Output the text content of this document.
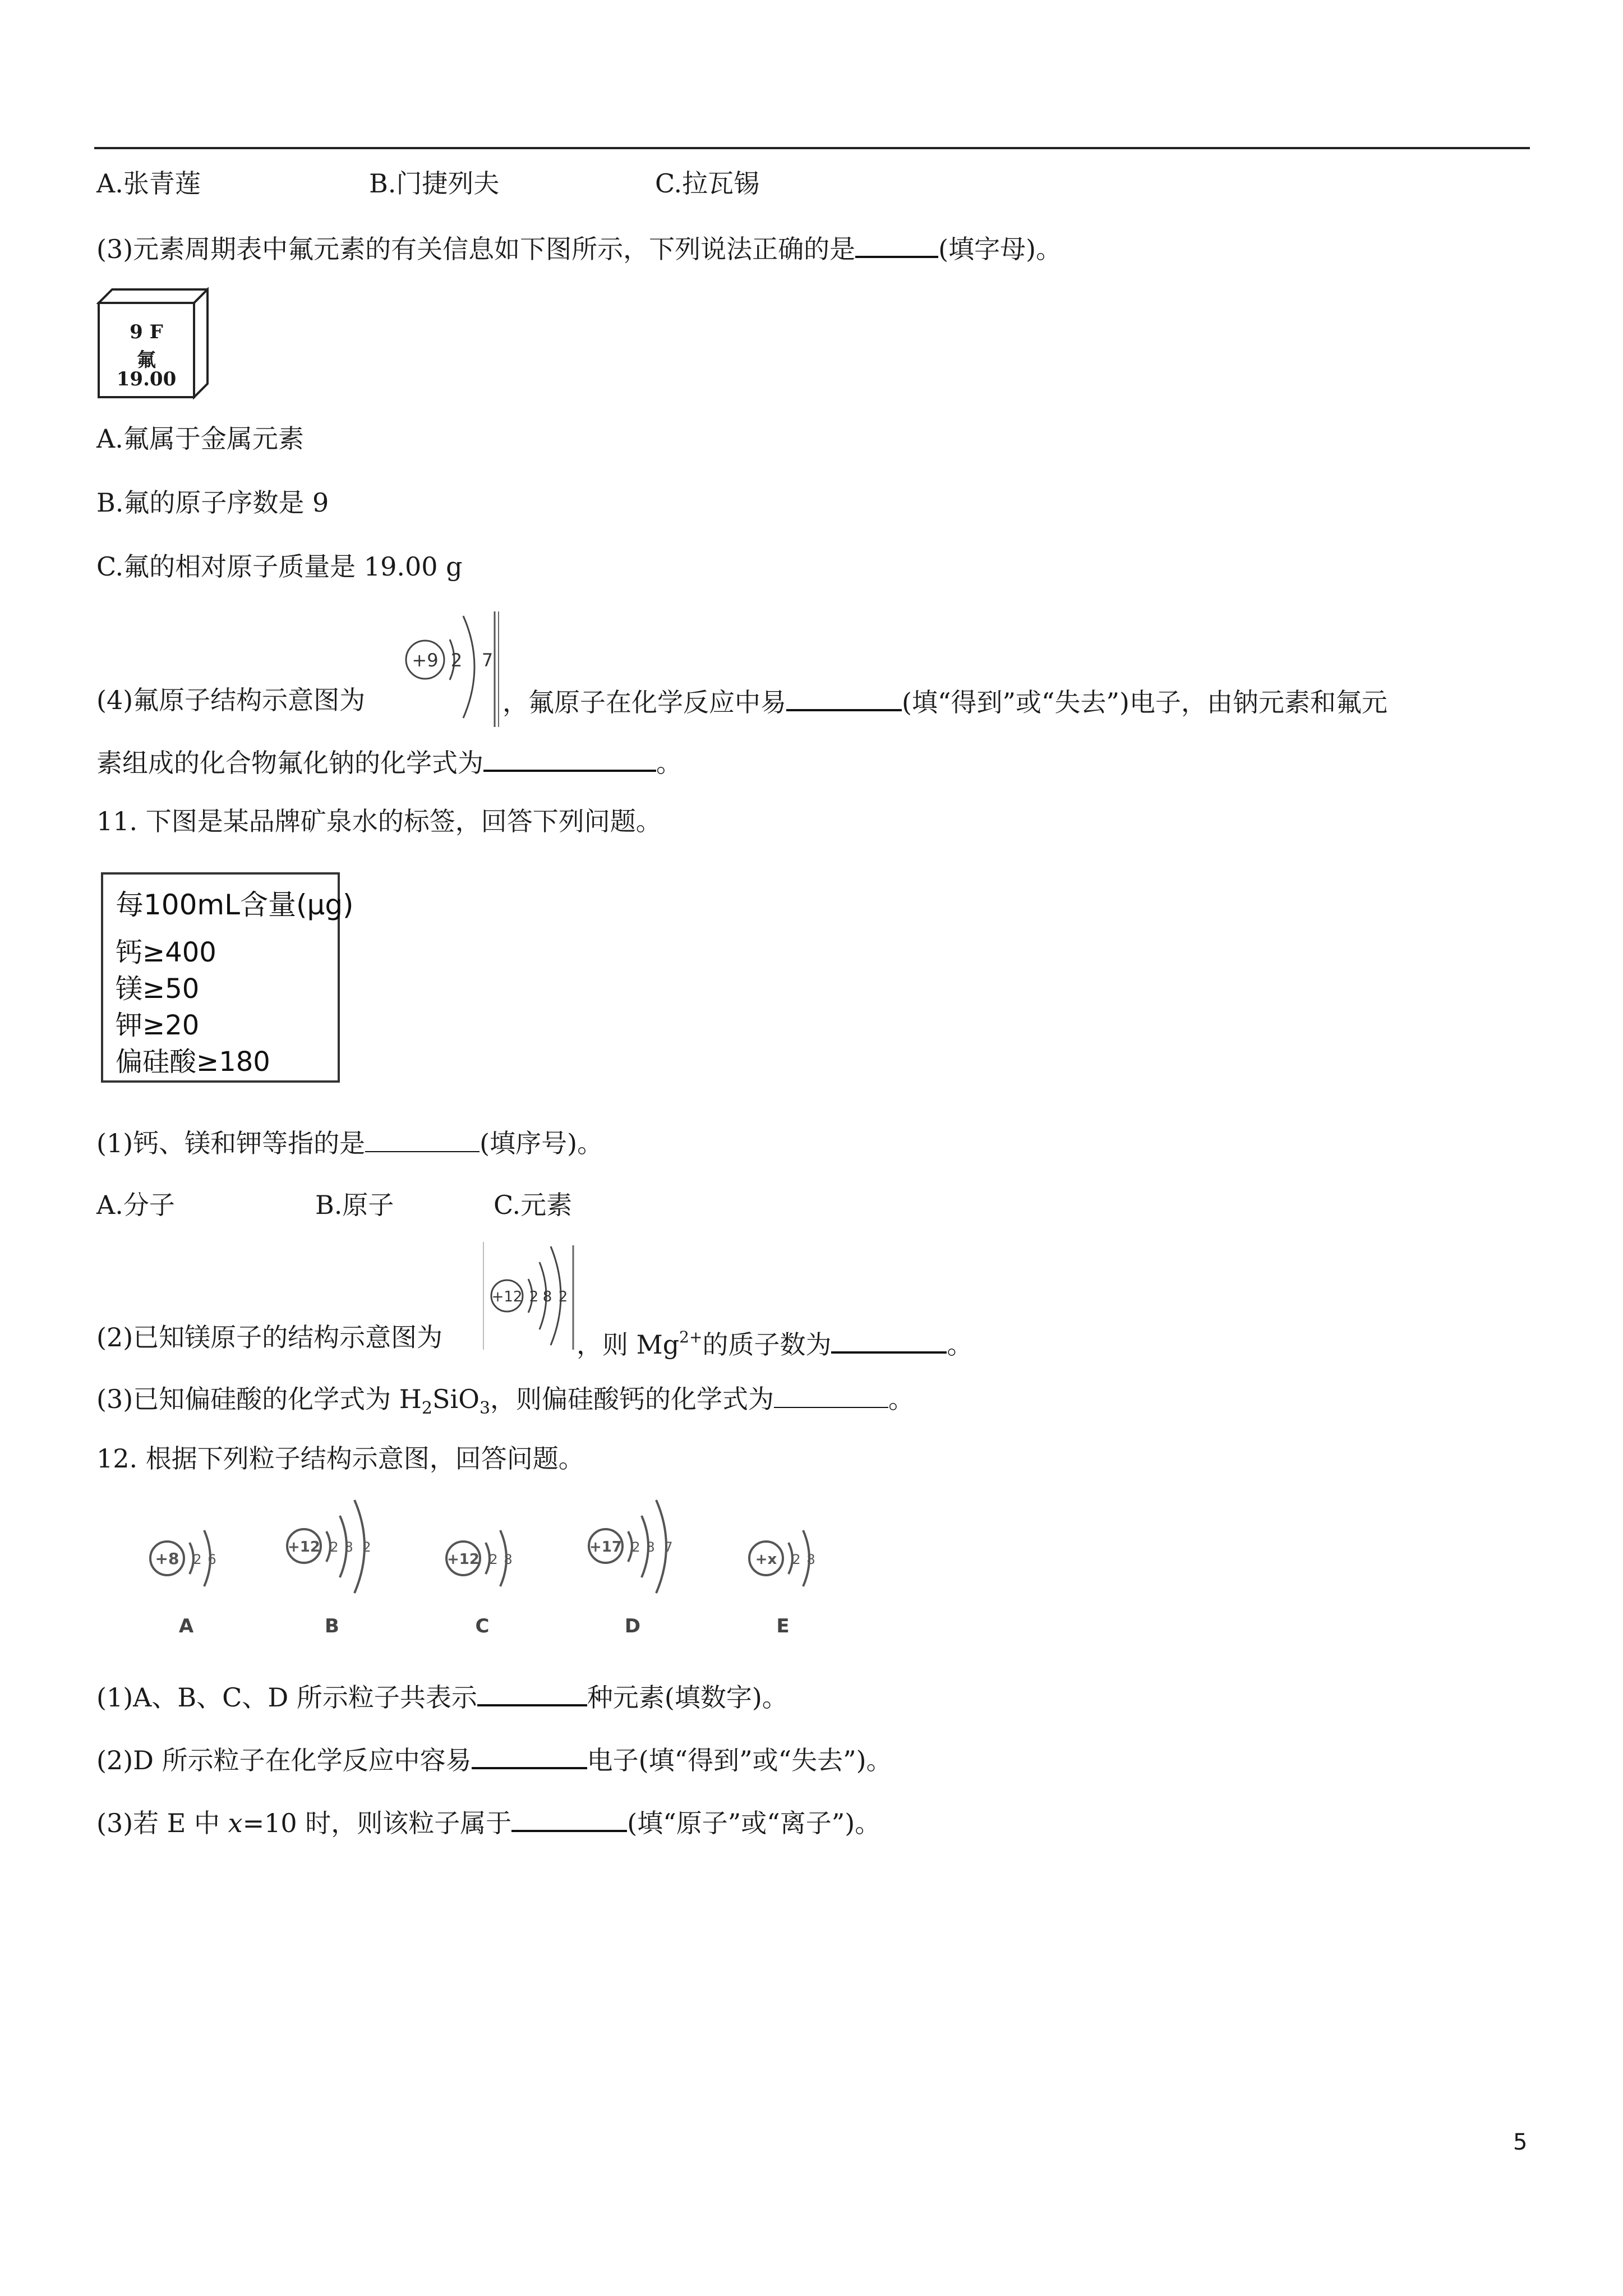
A.张青莲	B.门捷列夫	C.拉瓦锡
(3)元素周期表中氟元素的有关信息如下图所示，下列说法正确的是	(填字母)。
9 F
氟
19.00
A.氟属于金属元素
B.氟的原子序数是 9
C.氟的相对原子质量是 19.00 g
(4)氟原子结构示意图为
+9 2 7
，氟原子在化学反应中易	(填“得到”或“失去”)电子，由钠元素和氟元
素组成的化合物氟化钠的化学式为	。
11. 下图是某品牌矿泉水的标签，回答下列问题。
每100mL含量(μg)
钙≥400
镁≥50
钾≥20
偏硅酸≥180
(1)钙、镁和钾等指的是	(填序号)。
A.分子	B.原子	C.元素
(2)已知镁原子的结构示意图为
+12 2 8 2
，则 $Mg^{2+}$的质子数为	。
(3)已知偏硅酸的化学式为 $H_2SiO_3$，则偏硅酸钙的化学式为	。
12. 根据下列粒子结构示意图，回答问题。
+8 2 6
A
+12 2 8 2
B
+12 2 8
C
+17 2 8 7
D
+x 2 8
E
(1)A、B、C、D 所示粒子共表示	种元素(填数字)。
(2)D 所示粒子在化学反应中容易	电子(填“得到”或“失去”)。
(3)若 E 中 x=10 时，则该粒子属于	(填“原子”或“离子”)。
5
